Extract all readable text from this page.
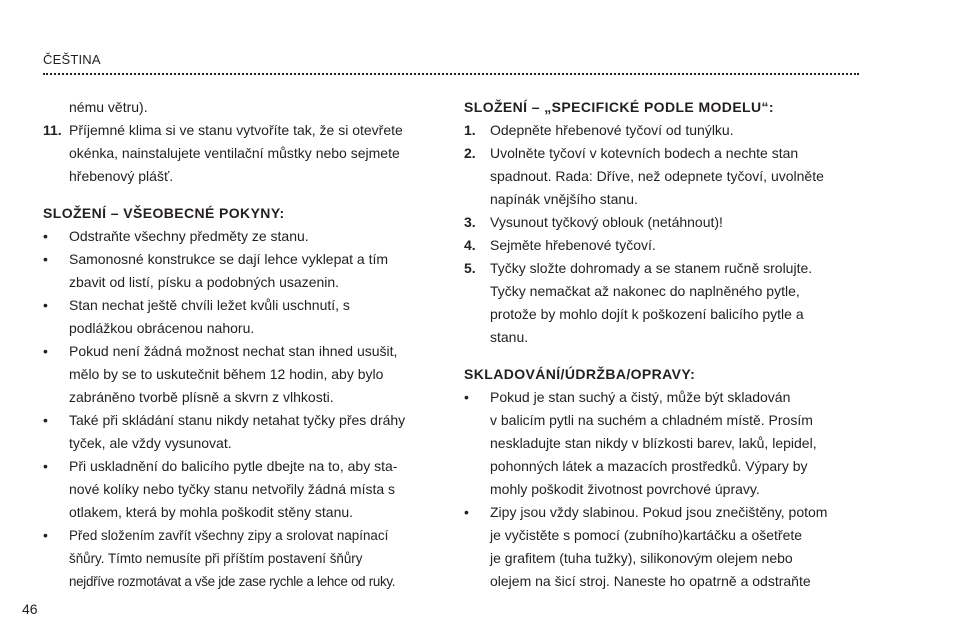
ČEŠTINA
nému větru).
11. Příjemné klima si ve stanu vytvoříte tak, že si otevřete
okénka, nainstalujete ventilační můstky nebo sejmete
hřebenový plášť.
SLOŽENÍ – VŠEOBECNÉ POKYNY:
• Odstraňte všechny předměty ze stanu.
• Samonosné konstrukce se dají lehce vyklepat a tím
zbavit od listí, písku a podobných usazenin.
• Stan nechat ještě chvíli ležet kvůli uschnutí, s
podlážkou obrácenou nahoru.
• Pokud není žádná možnost nechat stan ihned usušit,
mělo by se to uskutečnit během 12 hodin, aby bylo
zabráněno tvorbě plísně a skvrn z vlhkosti.
• Také při skládání stanu nikdy netahat tyčky přes dráhy
tyček, ale vždy vysunovat.
• Při uskladnění do balicího pytle dbejte na to, aby sta-
nové kolíky nebo tyčky stanu netvořily žádná místa s
otlakem, která by mohla poškodit stěny stanu.
• Před složením zavřít všechny zipy a srolovat napínací
šňůry. Tímto nemusíte při příštím postavení šňůry
nejdříve rozmotávat a vše jde zase rychle a lehce od ruky.
SLOŽENÍ – „SPECIFICKÉ PODLE MODELU“:
1. Odepněte hřebenové tyčoví od tunýlku.
2. Uvolněte tyčoví v kotevních bodech a nechte stan
spadnout. Rada: Dříve, než odepnete tyčoví, uvolněte
napínák vnějšího stanu.
3. Vysunout tyčkový oblouk (netáhnout)!
4. Sejměte hřebenové tyčoví.
5. Tyčky složte dohromady a se stanem ručně srolujte.
Tyčky nemačkat až nakonec do naplněného pytle,
protože by mohlo dojít k poškození balicího pytle a
stanu.
SKLADOVÁNÍ/ÚDRŽBA/OPRAVY:
• Pokud je stan suchý a čistý, může být skladován
v balicím pytli na suchém a chladném místě. Prosím
neskladujte stan nikdy v blízkosti barev, laků, lepidel,
pohonných látek a mazacích prostředků. Výpary by
mohly poškodit životnost povrchové úpravy.
• Zipy jsou vždy slabinou. Pokud jsou znečištěny, potom
je vyčistěte s pomocí (zubního)kartáčku a ošetřete
je grafitem (tuha tužky), silikonovým olejem nebo
olejem na šicí stroj. Naneste ho opatrně a odstraňte
46
